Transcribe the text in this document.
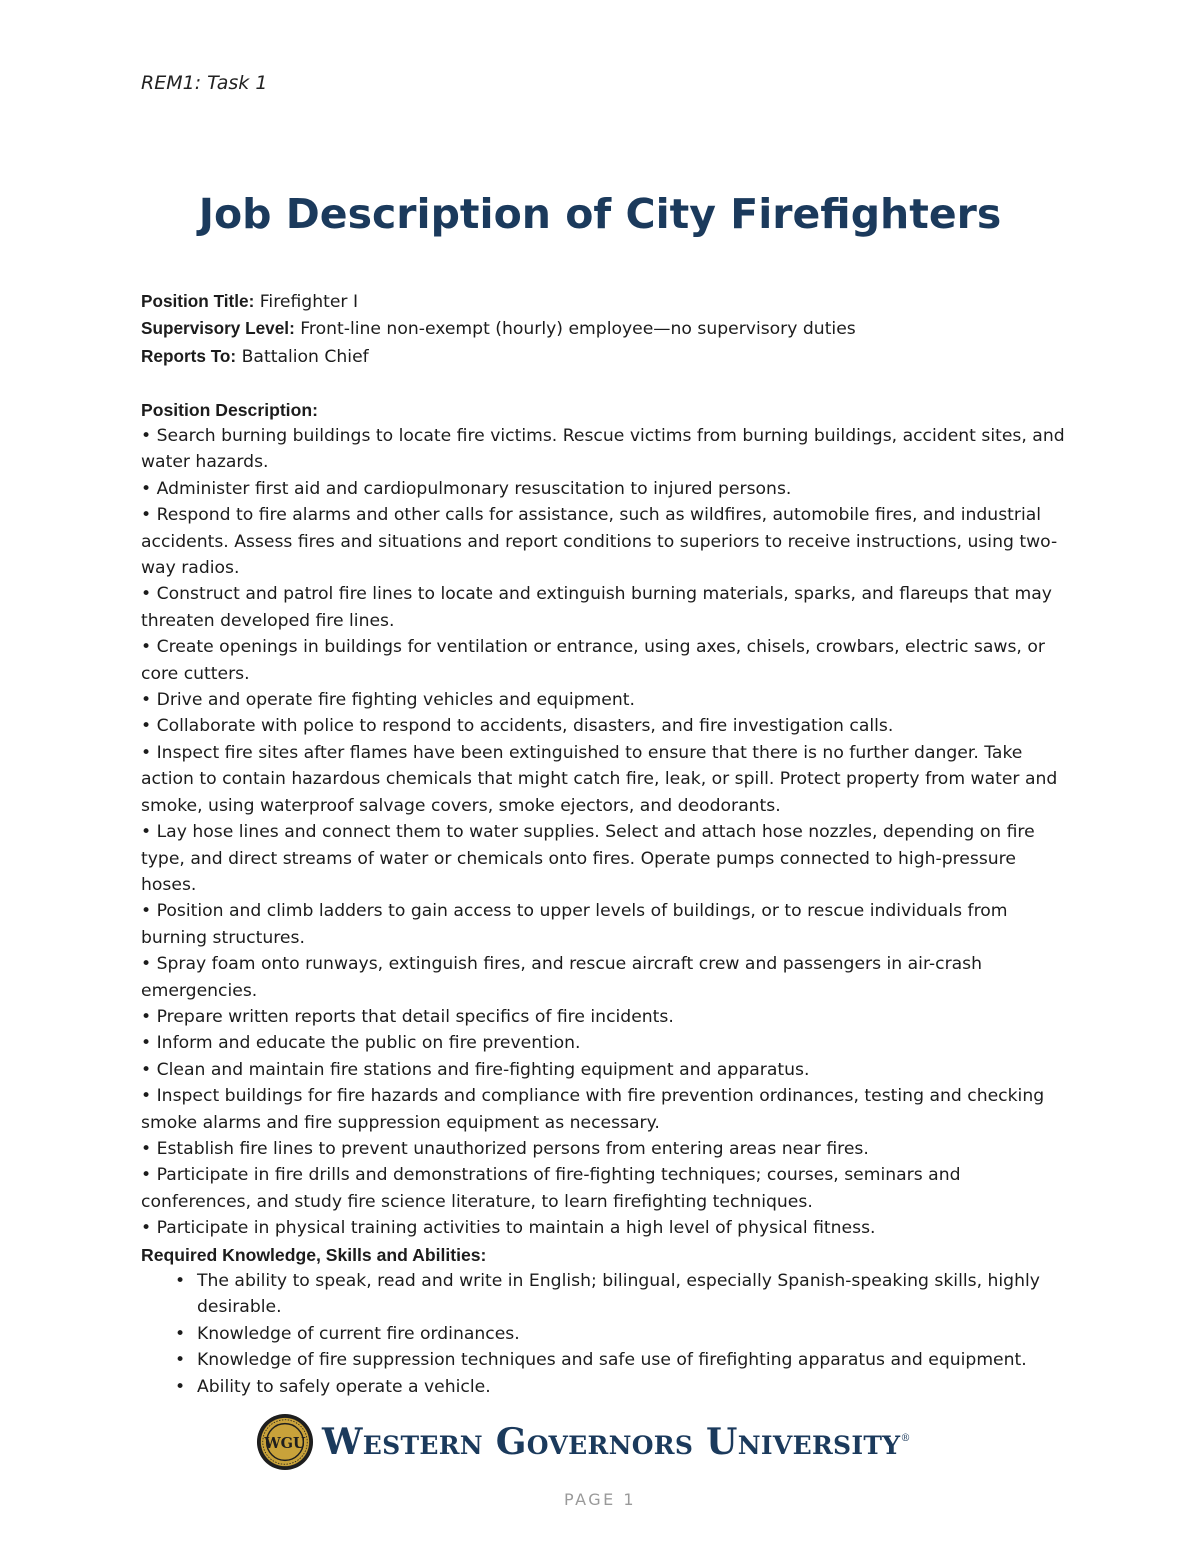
REM1: Task 1
Job Description of City Firefighters

Position Title: Firefighter I

Supervisory Level: Front-line non-exempt (hourly) employee—no supervisory duties

Reports To: Battalion Chief

Position Description:

• Search burning buildings to locate fire victims. Rescue victims from burning buildings, accident sites, and water hazards.
• Administer first aid and cardiopulmonary resuscitation to injured persons.
• Respond to fire alarms and other calls for assistance, such as wildfires, automobile fires, and industrial accidents. Assess fires and situations and report conditions to superiors to receive instructions, using two-way radios.
• Construct and patrol fire lines to locate and extinguish burning materials, sparks, and flareups that may threaten developed fire lines.
• Create openings in buildings for ventilation or entrance, using axes, chisels, crowbars, electric saws, or core cutters.
• Drive and operate fire fighting vehicles and equipment.
• Collaborate with police to respond to accidents, disasters, and fire investigation calls.
• Inspect fire sites after flames have been extinguished to ensure that there is no further danger. Take action to contain hazardous chemicals that might catch fire, leak, or spill. Protect property from water and smoke, using waterproof salvage covers, smoke ejectors, and deodorants.
• Lay hose lines and connect them to water supplies. Select and attach hose nozzles, depending on fire type, and direct streams of water or chemicals onto fires. Operate pumps connected to high-pressure hoses.
• Position and climb ladders to gain access to upper levels of buildings, or to rescue individuals from burning structures.
• Spray foam onto runways, extinguish fires, and rescue aircraft crew and passengers in air-crash emergencies.
• Prepare written reports that detail specifics of fire incidents.
• Inform and educate the public on fire prevention.
• Clean and maintain fire stations and fire-fighting equipment and apparatus.
• Inspect buildings for fire hazards and compliance with fire prevention ordinances, testing and checking smoke alarms and fire suppression equipment as necessary.
• Establish fire lines to prevent unauthorized persons from entering areas near fires.
• Participate in fire drills and demonstrations of fire-fighting techniques; courses, seminars and conferences, and study fire science literature, to learn firefighting techniques.
• Participate in physical training activities to maintain a high level of physical fitness.

Required Knowledge, Skills and Abilities:

• The ability to speak, read and write in English; bilingual, especially Spanish-speaking skills, highly desirable.
• Knowledge of current fire ordinances.
• Knowledge of fire suppression techniques and safe use of firefighting apparatus and equipment.
• Ability to safely operate a vehicle.
WGU Western Governors University®
PAGE 1
